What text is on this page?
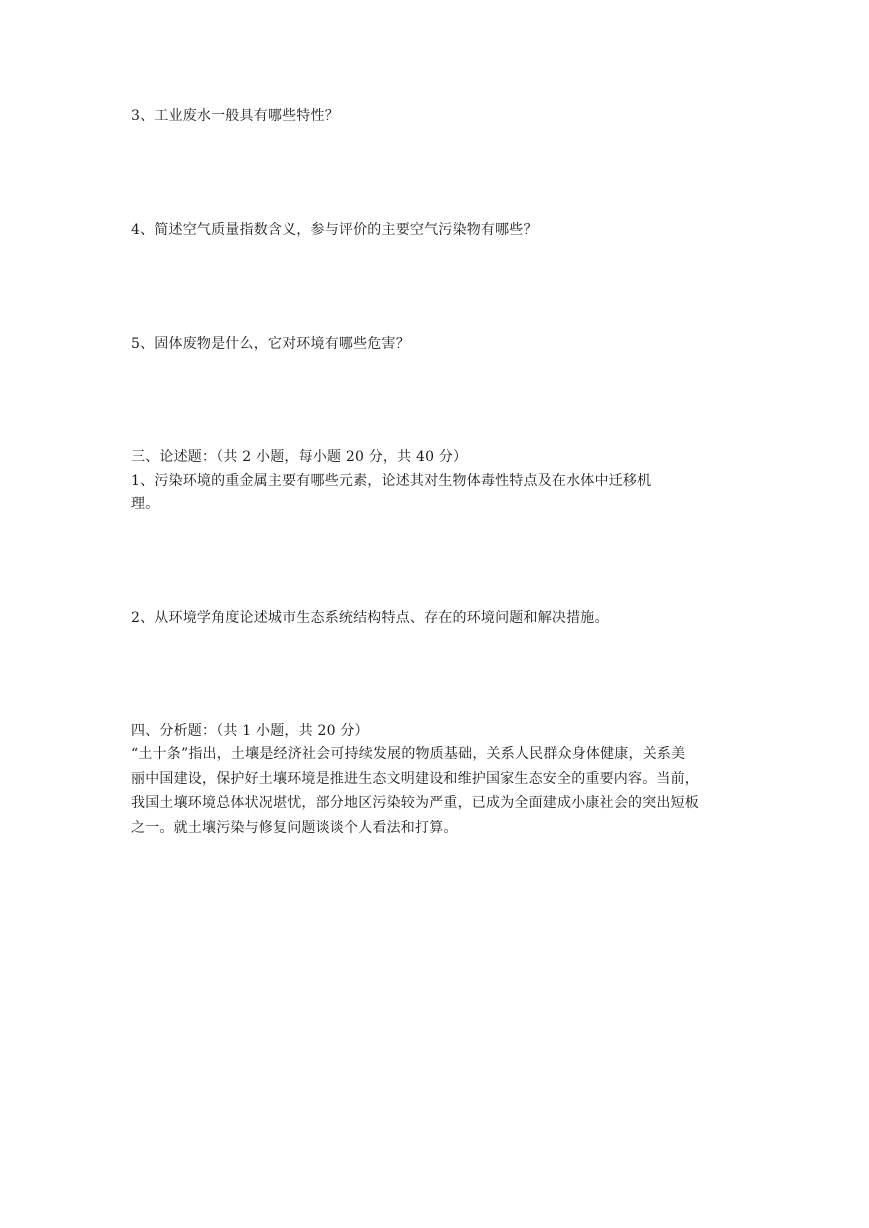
3、工业废水一般具有哪些特性？
4、简述空气质量指数含义，参与评价的主要空气污染物有哪些？
5、固体废物是什么，它对环境有哪些危害？
三、论述题：（共 2 小题，每小题 20 分，共 40 分）
1、污染环境的重金属主要有哪些元素，论述其对生物体毒性特点及在水体中迁移机
理。
2、从环境学角度论述城市生态系统结构特点、存在的环境问题和解决措施。
四、分析题：（共 1 小题，共 20 分）
“土十条”指出，土壤是经济社会可持续发展的物质基础，关系人民群众身体健康，关系美
丽中国建设，保护好土壤环境是推进生态文明建设和维护国家生态安全的重要内容。当前，
我国土壤环境总体状况堪忧，部分地区污染较为严重，已成为全面建成小康社会的突出短板
之一。就土壤污染与修复问题谈谈个人看法和打算。
